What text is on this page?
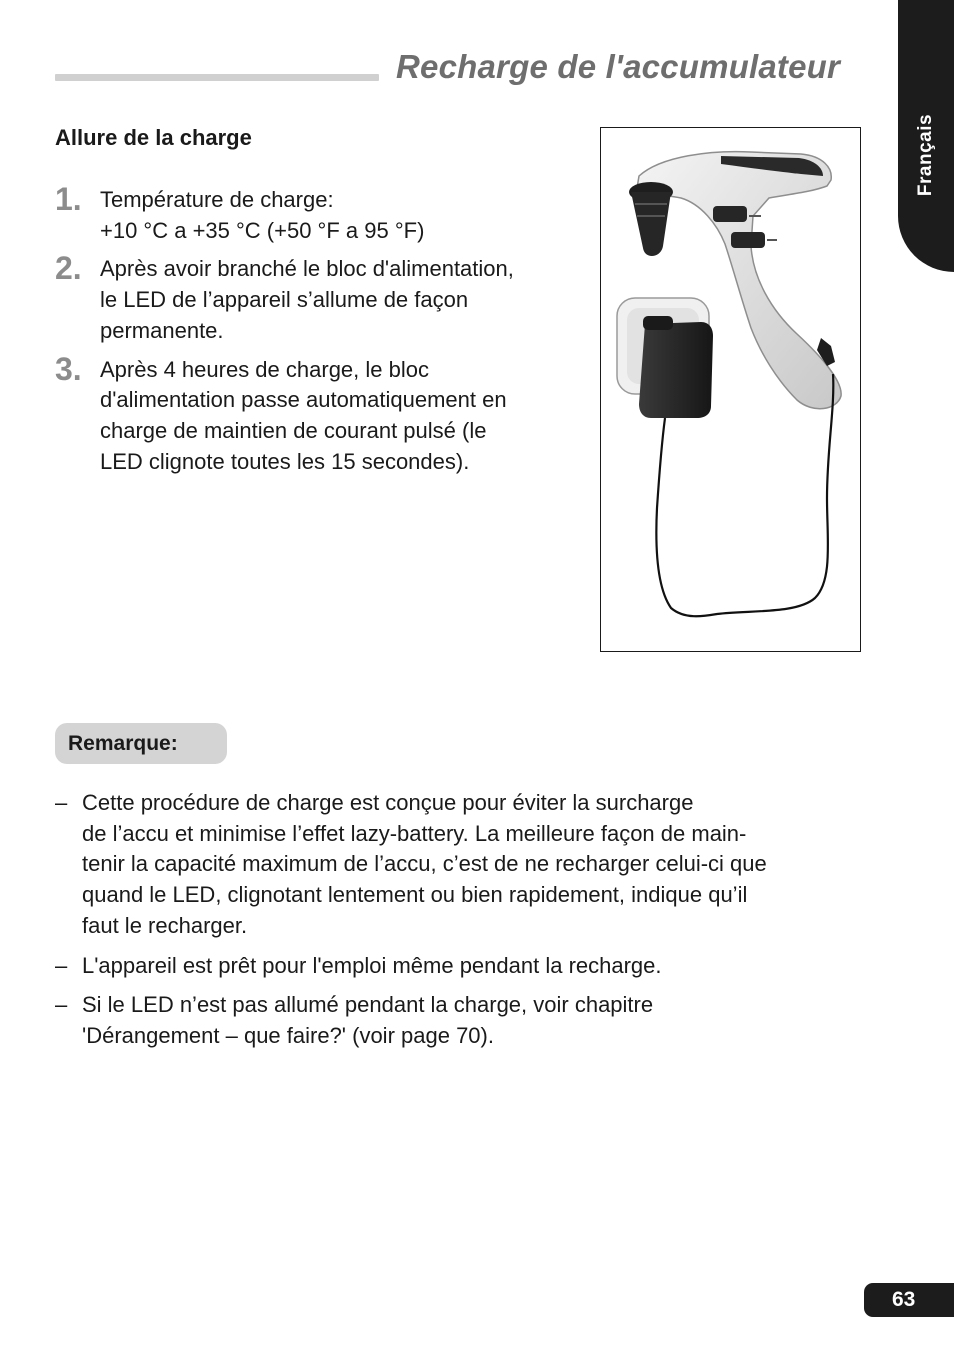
Recharge de l'accumulateur
Français
Allure de la charge
1. Température de charge:
+10 °C a +35 °C (+50 °F a 95 °F)
2. Après avoir branché le bloc d'alimentation,
le LED de l’appareil s’allume de façon
permanente.
3. Après 4 heures de charge, le bloc
d'alimentation passe automatiquement en
charge de maintien de courant pulsé (le
LED clignote toutes les 15 secondes).
Remarque:
– Cette procédure de charge est conçue pour éviter la surcharge
de l’accu et minimise l’effet lazy-battery. La meilleure façon de main-
tenir la capacité maximum de l’accu, c’est de ne recharger celui-ci que
quand le LED, clignotant lentement ou bien rapidement, indique qu’il
faut le recharger.
– L'appareil est prêt pour l'emploi même pendant la recharge.
– Si le LED n’est pas allumé pendant la charge, voir chapitre
'Dérangement – que faire?' (voir page 70).
63
